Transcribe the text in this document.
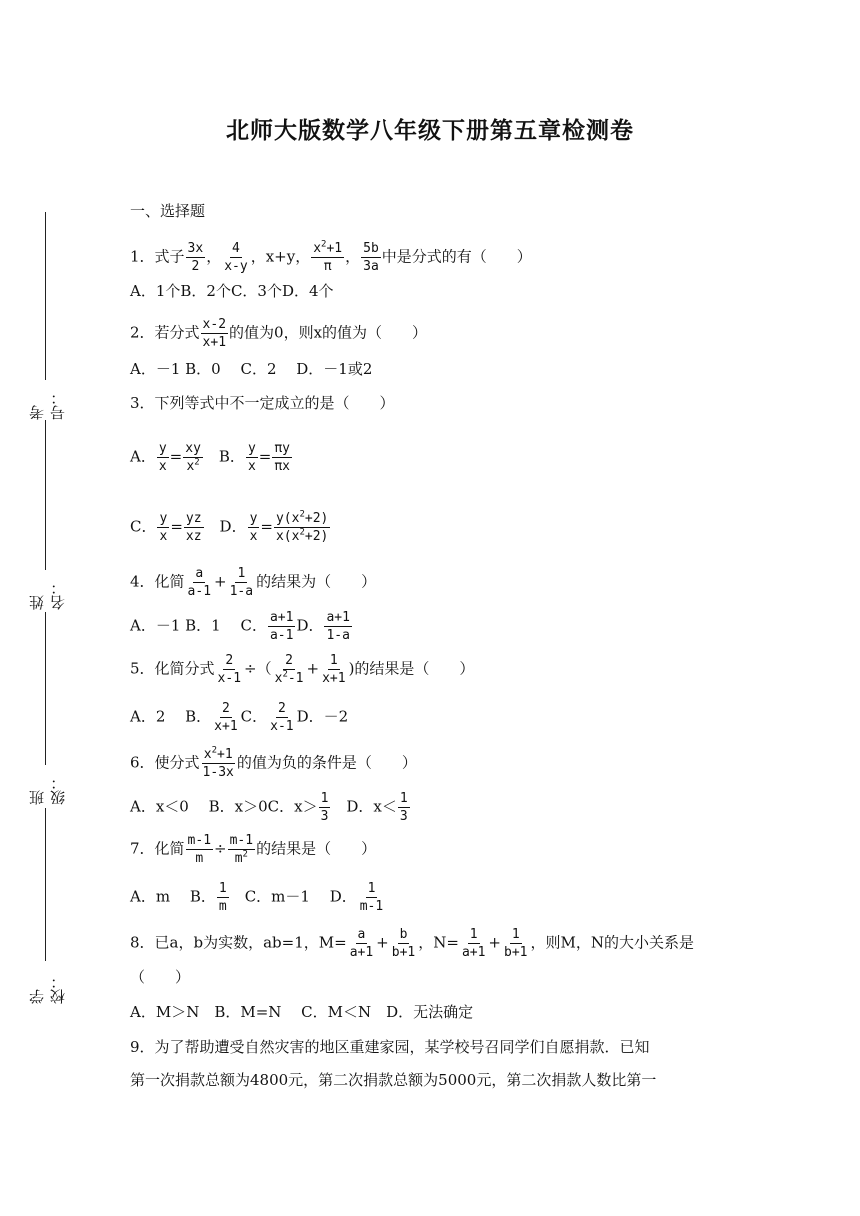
北师大版数学八年级下册第五章检测卷
考号：
姓名：
班级：
学校：
一、选择题
1．式子 $\frac{3x}{2}$ ， $\frac{4}{x-y}$ ，x+y， $\frac{x^2+1}{\pi}$ ， $\frac{5b}{3a}$ 中是分式的有（　　）
A．1个B．2个C．3个D．4个
2．若分式 $\frac{x-2}{x+1}$ 的值为0，则x的值为（　　）
A．－1 B．0　 C．2　 D．－1或2
3．下列等式中不一定成立的是（　　）
A． $\frac{y}{x} = \frac{xy}{x^2}$ 　B． $\frac{y}{x} = \frac{\pi y}{\pi x}$
C． $\frac{y}{x} = \frac{yz}{xz}$ 　D． $\frac{y}{x} = \frac{y(x^2+2)}{x(x^2+2)}$
4．化简 $\frac{a}{a-1} + \frac{1}{1-a}$ 的结果为（　　）
A．－1 B．1　 C． $\frac{a+1}{a-1}$ D． $\frac{a+1}{1-a}$
5．化简分式 $\frac{2}{x-1}$ ÷（ $\frac{2}{x^2-1} + \frac{1}{x+1}$ )的结果是（　　）
A．2　 B． $\frac{2}{x+1}$ C． $\frac{2}{x-1}$ D．－2
6．使分式 $\frac{x^2+1}{1-3x}$ 的值为负的条件是（　　）
A．x＜0　 B．x＞0C．$x> \frac{1}{3}$ 　D．$x< \frac{1}{3}$
7．化简 $\frac{m-1}{m} \div \frac{m-1}{m^2}$ 的结果是（　　）
A．m　 B． $\frac{1}{m}$ 　C．m－1　 D． $\frac{1}{m-1}$
8．已a，b为实数，ab=1，$M= \frac{a}{a+1} + \frac{b}{b+1}$ ，$N= \frac{1}{a+1} + \frac{1}{b+1}$ ，则M，N的大小关系是
（　　）
A．M＞N　B．M=N　 C．M＜N　D．无法确定
9．为了帮助遭受自然灾害的地区重建家园，某学校号召同学们自愿捐款．已知
第一次捐款总额为4800元，第二次捐款总额为5000元，第二次捐款人数比第一
